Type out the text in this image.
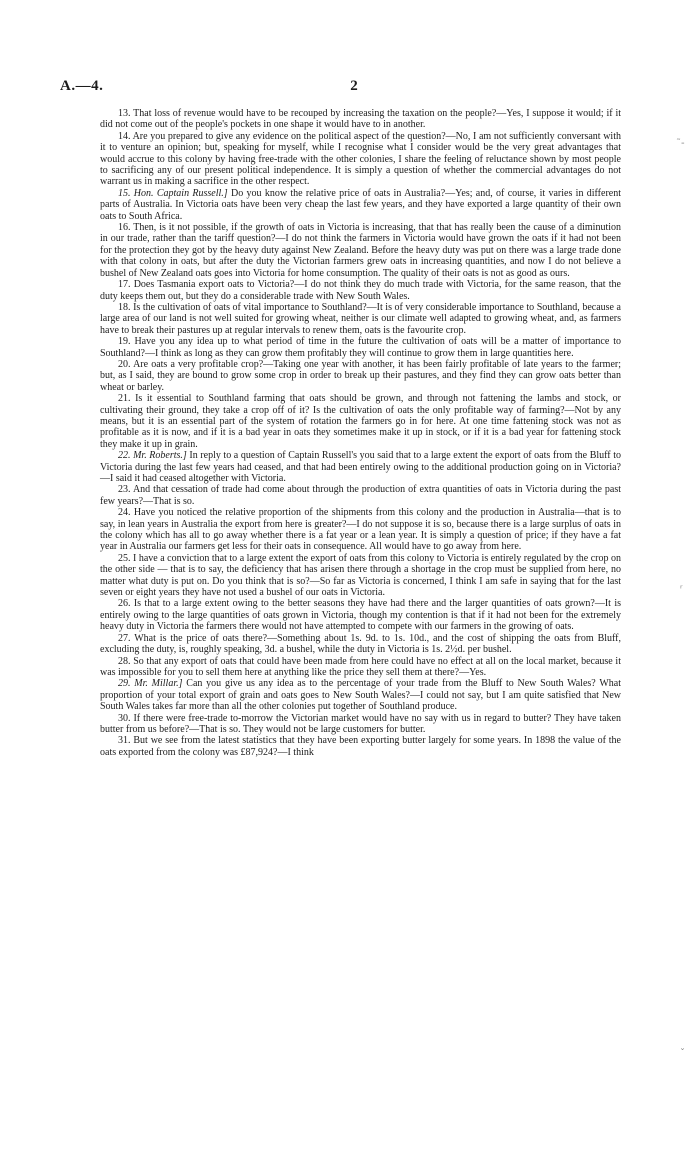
A.—4.	2
˜‑
ʳ
ˇ

13. That loss of revenue would have to be recouped by increasing the taxation on the people?—Yes, I suppose it would; if it did not come out of the people's pockets in one shape it would have to in another.

14. Are you prepared to give any evidence on the political aspect of the question?—No, I am not sufficiently conversant with it to venture an opinion; but, speaking for myself, while I recognise what I consider would be the very great advantages that would accrue to this colony by having free-trade with the other colonies, I share the feeling of reluctance shown by most people to sacrificing any of our present political independence. It is simply a question of whether the commercial advantages do not warrant us in making a sacrifice in the other respect.

15. Hon. Captain Russell.] Do you know the relative price of oats in Australia?—Yes; and, of course, it varies in different parts of Australia. In Victoria oats have been very cheap the last few years, and they have exported a large quantity of their own oats to South Africa.

16. Then, is it not possible, if the growth of oats in Victoria is increasing, that that has really been the cause of a diminution in our trade, rather than the tariff question?—I do not think the farmers in Victoria would have grown the oats if it had not been for the protection they got by the heavy duty against New Zealand. Before the heavy duty was put on there was a large trade done with that colony in oats, but after the duty the Victorian farmers grew oats in increasing quantities, and now I do not believe a bushel of New Zealand oats goes into Victoria for home consumption. The quality of their oats is not as good as ours.

17. Does Tasmania export oats to Victoria?—I do not think they do much trade with Victoria, for the same reason, that the duty keeps them out, but they do a considerable trade with New South Wales.

18. Is the cultivation of oats of vital importance to Southland?—It is of very considerable importance to Southland, because a large area of our land is not well suited for growing wheat, neither is our climate well adapted to growing wheat, and, as farmers have to break their pastures up at regular intervals to renew them, oats is the favourite crop.

19. Have you any idea up to what period of time in the future the cultivation of oats will be a matter of importance to Southland?—I think as long as they can grow them profitably they will continue to grow them in large quantities here.

20. Are oats a very profitable crop?—Taking one year with another, it has been fairly profitable of late years to the farmer; but, as I said, they are bound to grow some crop in order to break up their pastures, and they find they can grow oats better than wheat or barley.

21. Is it essential to Southland farming that oats should be grown, and through not fattening the lambs and stock, or cultivating their ground, they take a crop off of it? Is the cultivation of oats the only profitable way of farming?—Not by any means, but it is an essential part of the system of rotation the farmers go in for here. At one time fattening stock was not as profitable as it is now, and if it is a bad year in oats they sometimes make it up in stock, or if it is a bad year for fattening stock they make it up in grain.

22. Mr. Roberts.] In reply to a question of Captain Russell's you said that to a large extent the export of oats from the Bluff to Victoria during the last few years had ceased, and that had been entirely owing to the additional production going on in Victoria?—I said it had ceased altogether with Victoria.

23. And that cessation of trade had come about through the production of extra quantities of oats in Victoria during the past few years?—That is so.

24. Have you noticed the relative proportion of the shipments from this colony and the production in Australia—that is to say, in lean years in Australia the export from here is greater?—I do not suppose it is so, because there is a large surplus of oats in the colony which has all to go away whether there is a fat year or a lean year. It is simply a question of price; if they have a fat year in Australia our farmers get less for their oats in consequence. All would have to go away from here.

25. I have a conviction that to a large extent the export of oats from this colony to Victoria is entirely regulated by the crop on the other side — that is to say, the deficiency that has arisen there through a shortage in the crop must be supplied from here, no matter what duty is put on. Do you think that is so?—So far as Victoria is concerned, I think I am safe in saying that for the last seven or eight years they have not used a bushel of our oats in Victoria.

26. Is that to a large extent owing to the better seasons they have had there and the larger quantities of oats grown?—It is entirely owing to the large quantities of oats grown in Victoria, though my contention is that if it had not been for the extremely heavy duty in Victoria the farmers there would not have attempted to compete with our farmers in the growing of oats.

27. What is the price of oats there?—Something about 1s. 9d. to 1s. 10d., and the cost of shipping the oats from Bluff, excluding the duty, is, roughly speaking, 3d. a bushel, while the duty in Victoria is 1s. 2½d. per bushel.

28. So that any export of oats that could have been made from here could have no effect at all on the local market, because it was impossible for you to sell them here at anything like the price they sell them at there?—Yes.

29. Mr. Millar.] Can you give us any idea as to the percentage of your trade from the Bluff to New South Wales? What proportion of your total export of grain and oats goes to New South Wales?—I could not say, but I am quite satisfied that New South Wales takes far more than all the other colonies put together of Southland produce.

30. If there were free-trade to-morrow the Victorian market would have no say with us in regard to butter? They have taken butter from us before?—That is so. They would not be large customers for butter.

31. But we see from the latest statistics that they have been exporting butter largely for some years. In 1898 the value of the oats exported from the colony was £87,924?—I think
